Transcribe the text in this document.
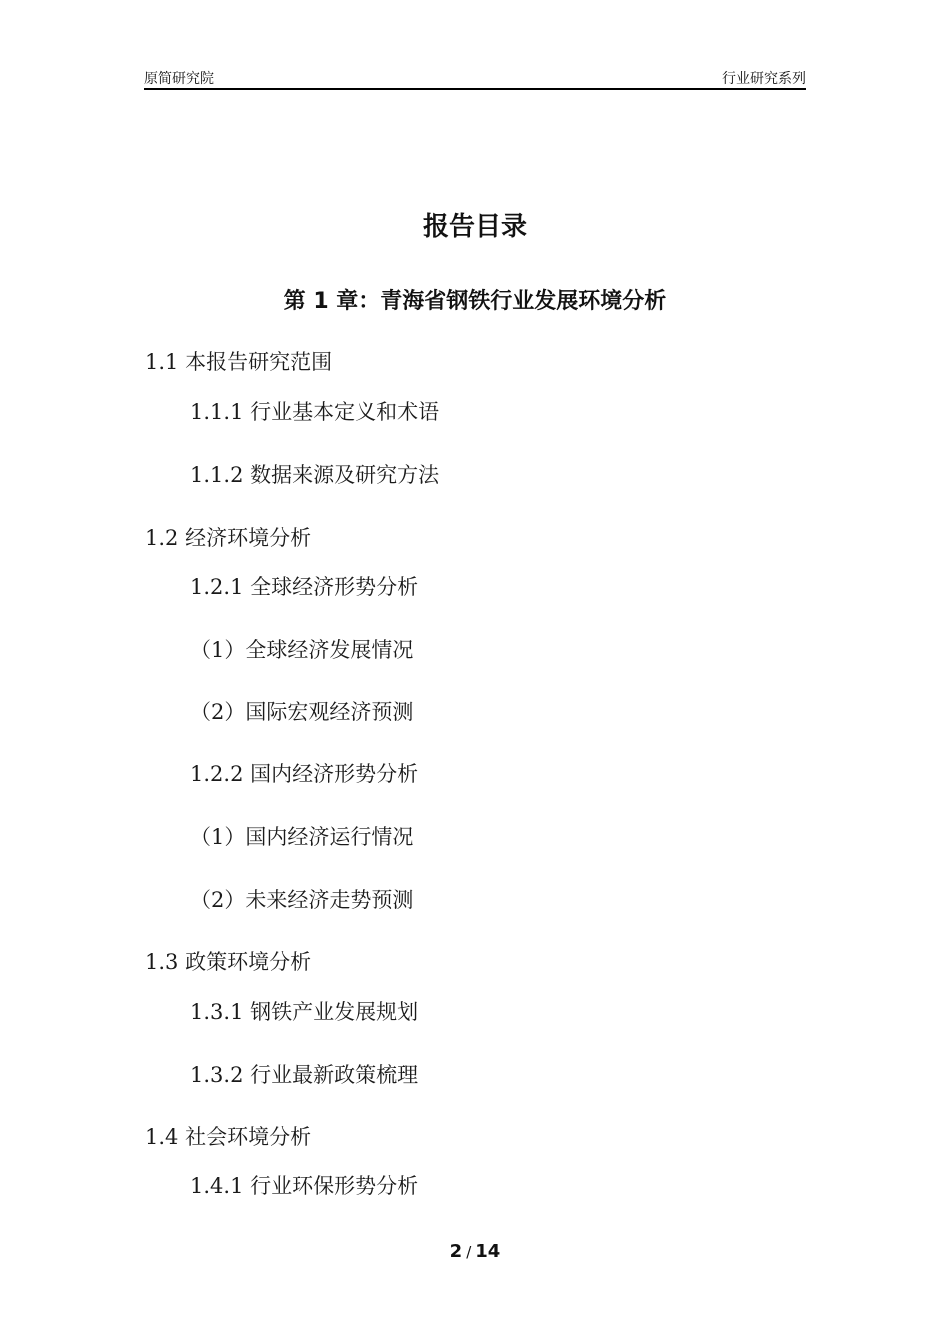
原简研究院	行业研究系列
报告目录
第 1 章：青海省钢铁行业发展环境分析
1.1 本报告研究范围
1.1.1 行业基本定义和术语
1.1.2 数据来源及研究方法
1.2 经济环境分析
1.2.1 全球经济形势分析
（1）全球经济发展情况
（2）国际宏观经济预测
1.2.2 国内经济形势分析
（1）国内经济运行情况
（2）未来经济走势预测
1.3 政策环境分析
1.3.1 钢铁产业发展规划
1.3.2 行业最新政策梳理
1.4 社会环境分析
1.4.1 行业环保形势分析
2 / 14
